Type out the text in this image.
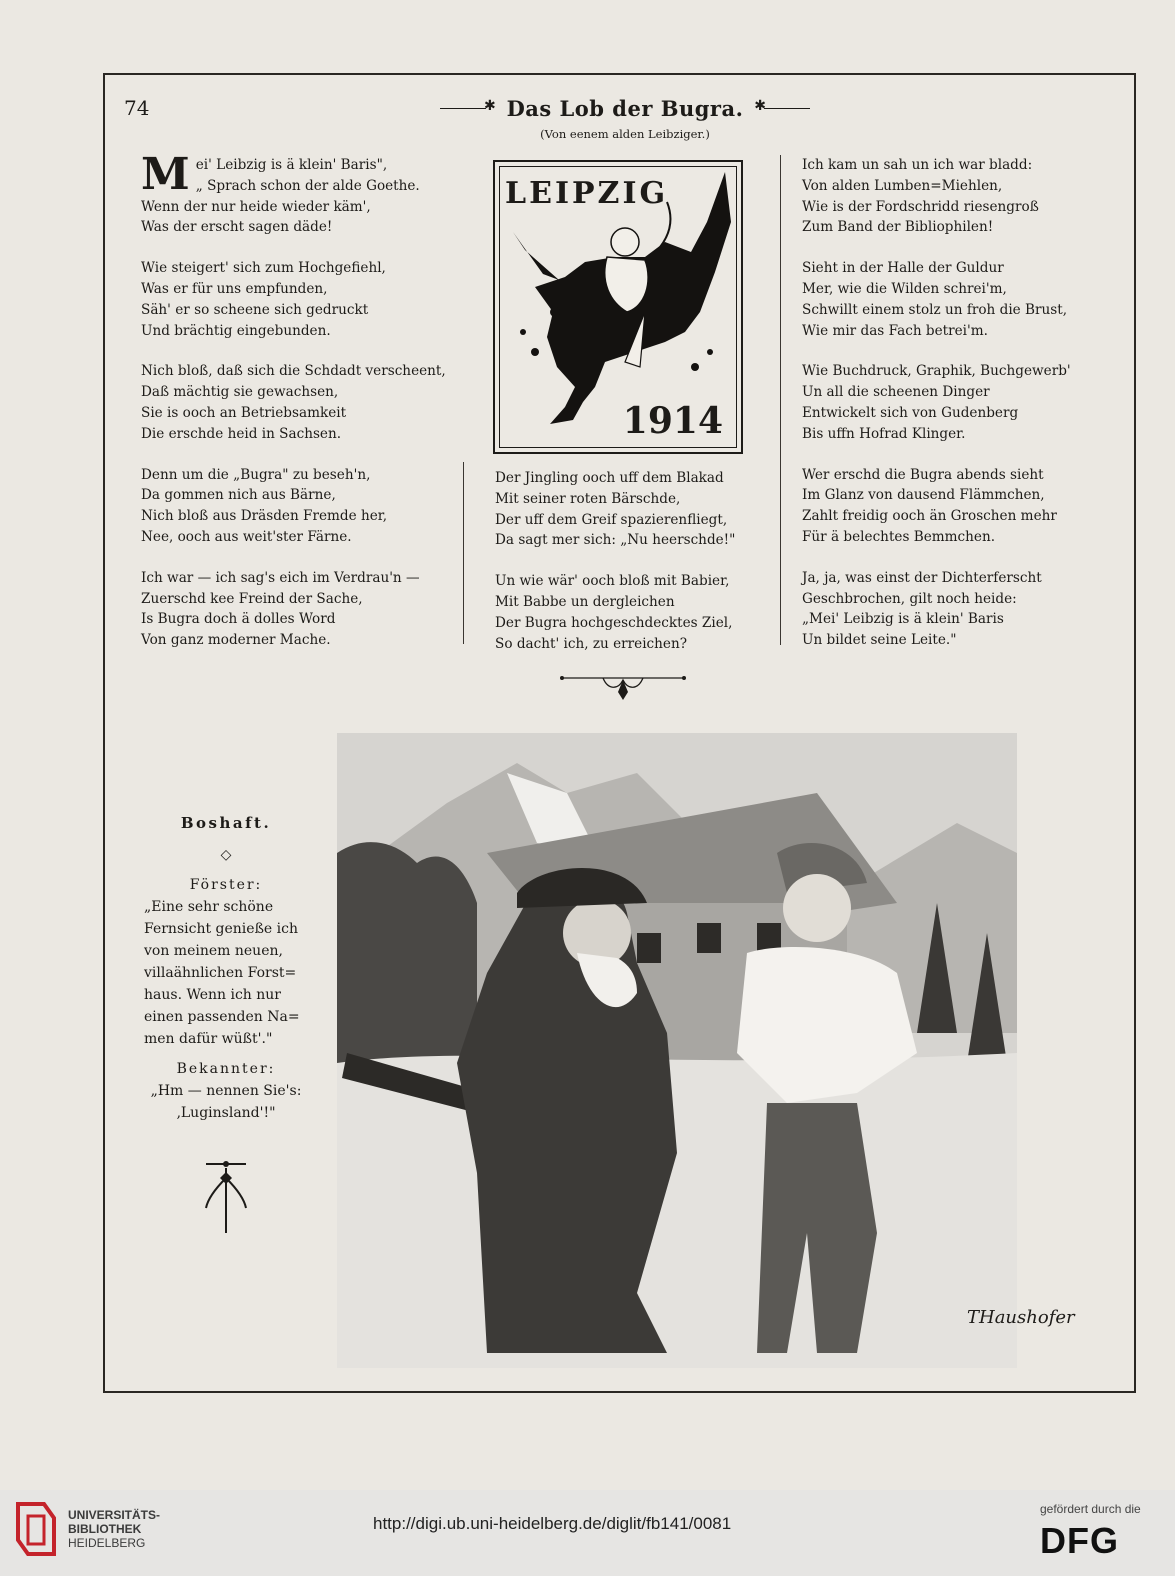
74	✱ Das Lob der Bugra. ✱
(Von eenem alden Leibziger.)
M ei' Leibzig is ä klein' Baris",
„ Sprach schon der alde Goethe.
Wenn der nur heide wieder käm',
Was der erscht sagen däde!
Wie steigert' sich zum Hochgefiehl,
Was er für uns empfunden,
Säh' er so scheene sich gedruckt
Und brächtig eingebunden.
Nich bloß, daß sich die Schdadt verscheent,
Daß mächtig sie gewachsen,
Sie is ooch an Betriebsamkeit
Die erschde heid in Sachsen.
Denn um die „Bugra" zu beseh'n,
Da gommen nich aus Bärne,
Nich bloß aus Dräsden Fremde her,
Nee, ooch aus weit'ster Färne.
Ich war — ich sag's eich im Verdrau'n —
Zuerschd kee Freind der Sache,
Is Bugra doch ä dolles Word
Von ganz moderner Mache.
LEIPZIG
1914
Der Jingling ooch uff dem Blakad
Mit seiner roten Bärschde,
Der uff dem Greif spazierenfliegt,
Da sagt mer sich: „Nu heerschde!"
Un wie wär' ooch bloß mit Babier,
Mit Babbe un dergleichen
Der Bugra hochgeschdecktes Ziel,
So dacht' ich, zu erreichen?
Ich kam un sah un ich war bladd:
Von alden Lumben=Miehlen,
Wie is der Fordschridd riesengroß
Zum Band der Bibliophilen!
Sieht in der Halle der Guldur
Mer, wie die Wilden schrei'm,
Schwillt einem stolz un froh die Brust,
Wie mir das Fach betrei'm.
Wie Buchdruck, Graphik, Buchgewerb'
Un all die scheenen Dinger
Entwickelt sich von Gudenberg
Bis uffn Hofrad Klinger.
Wer erschd die Bugra abends sieht
Im Glanz von dausend Flämmchen,
Zahlt freidig ooch än Groschen mehr
Für ä belechtes Bemmchen.
Ja, ja, was einst der Dichterferscht
Geschbrochen, gilt noch heide:
„Mei' Leibzig is ä klein' Baris
Un bildet seine Leite."
Boshaft.
◇
Förster:
„Eine sehr schöne
Fernsicht genieße ich
von meinem neuen,
villaähnlichen Forst=
haus. Wenn ich nur
einen passenden Na=
men dafür wüßt'."
Bekannter:
„Hm — nennen Sie's:
‚Luginsland'!"
THaushofer
UNIVERSITÄTS-
BIBLIOTHEK
HEIDELBERG
http://digi.ub.uni-heidelberg.de/diglit/fb141/0081
gefördert durch die
DFG
